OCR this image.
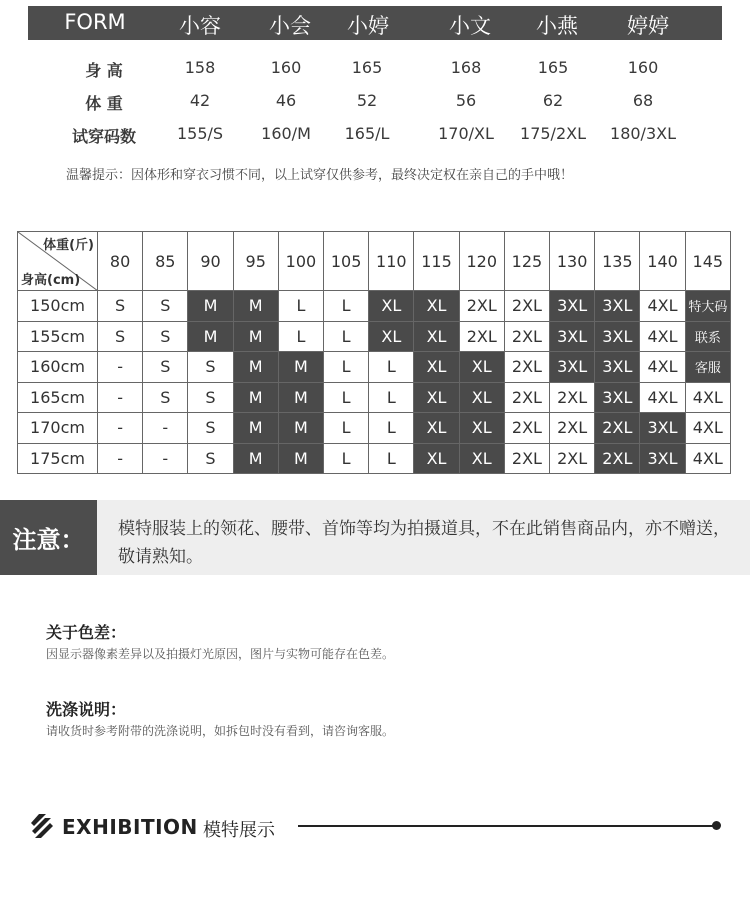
FORM	小容 小会 小婷	小文 小燕 婷婷
身 高	158	160	165	168	165	160
体 重	42	46	52	56	62	68
试穿码数	155/S 160/M 165/L	170/XL 175/2XL 180/3XL
温馨提示：因体形和穿衣习惯不同，以上试穿仅供参考，最终决定权在亲自己的手中哦！
体重(斤)
身高(cm)	80	85	90	95	100	105	110	115	120	125	130	135	140	145
150cm	S	S	M	M	L	L	XL	XL	2XL	2XL	3XL	3XL	4XL	特大码
155cm	S	S	M	M	L	L	XL	XL	2XL	2XL	3XL	3XL	4XL	联系
160cm	-	S	S	M	M	L	L	XL	XL	2XL	3XL	3XL	4XL	客服
165cm	-	S	S	M	M	L	L	XL	XL	2XL	2XL	3XL	4XL	4XL
170cm	-	-	S	M	M	L	L	XL	XL	2XL	2XL	2XL	3XL	4XL
175cm	-	-	S	M	M	L	L	XL	XL	2XL	2XL	2XL	3XL	4XL
注意：	模特服装上的领花、腰带、首饰等均为拍摄道具，不在此销售商品内，亦不赠送，敬请熟知。
关于色差：
因显示器像素差异以及拍摄灯光原因，图片与实物可能存在色差。
洗涤说明：
请收货时参考附带的洗涤说明，如拆包时没有看到，请咨询客服。
EXHIBITION 模特展示
